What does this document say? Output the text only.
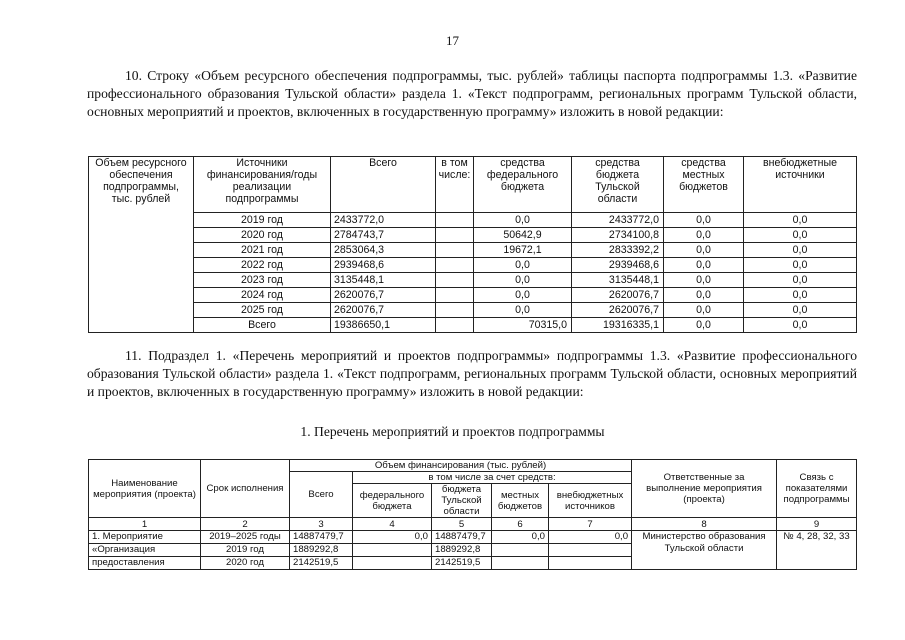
17
10. Строку «Объем ресурсного обеспечения подпрограммы, тыс. рублей» таблицы паспорта подпрограммы 1.3. «Развитие профессионального образования Тульской области» раздела 1. «Текст подпрограмм, региональных программ Тульской области, основных мероприятий и проектов, включенных в государственную программу» изложить в новой редакции:
Объем ресурсного обеспечения подпрограммы, тыс. рублей	Источники финансирования/годы реализации подпрограммы	Всего	в том числе:	средства федерального бюджета	средства бюджета Тульской области	средства местных бюджетов	внебюджетные источники
	2019 год	2433772,0		0,0	2433772,0	0,0	0,0
	2020 год	2784743,7		50642,9	2734100,8	0,0	0,0
	2021 год	2853064,3		19672,1	2833392,2	0,0	0,0
	2022 год	2939468,6		0,0	2939468,6	0,0	0,0
	2023 год	3135448,1		0,0	3135448,1	0,0	0,0
	2024 год	2620076,7		0,0	2620076,7	0,0	0,0
	2025 год	2620076,7		0,0	2620076,7	0,0	0,0
	Всего	19386650,1		70315,0	19316335,1	0,0	0,0
11. Подраздел 1. «Перечень мероприятий и проектов подпрограммы» подпрограммы 1.3. «Развитие профессионального образования Тульской области» раздела 1. «Текст подпрограмм, региональных программ Тульской области, основных мероприятий и проектов, включенных в государственную программу» изложить в новой редакции:
1. Перечень мероприятий и проектов подпрограммы
Наименование мероприятия (проекта)	Срок исполнения	Объем финансирования (тыс. рублей)					Ответственные за выполнение мероприятия (проекта)	Связь с показателями подпрограммы
		Всего	в том числе за счет средств:					
			федерального бюджета	бюджета Тульской области	местных бюджетов	внебюджетных источников		
1	2	3	4	5	6	7	8	9
1. Мероприятие	2019–2025 годы	14887479,7	0,0	14887479,7	0,0	0,0	Министерство образования Тульской области	№ 4, 28, 32, 33
«Организация	2019 год	1889292,8		1889292,8				
предоставления	2020 год	2142519,5		2142519,5				
